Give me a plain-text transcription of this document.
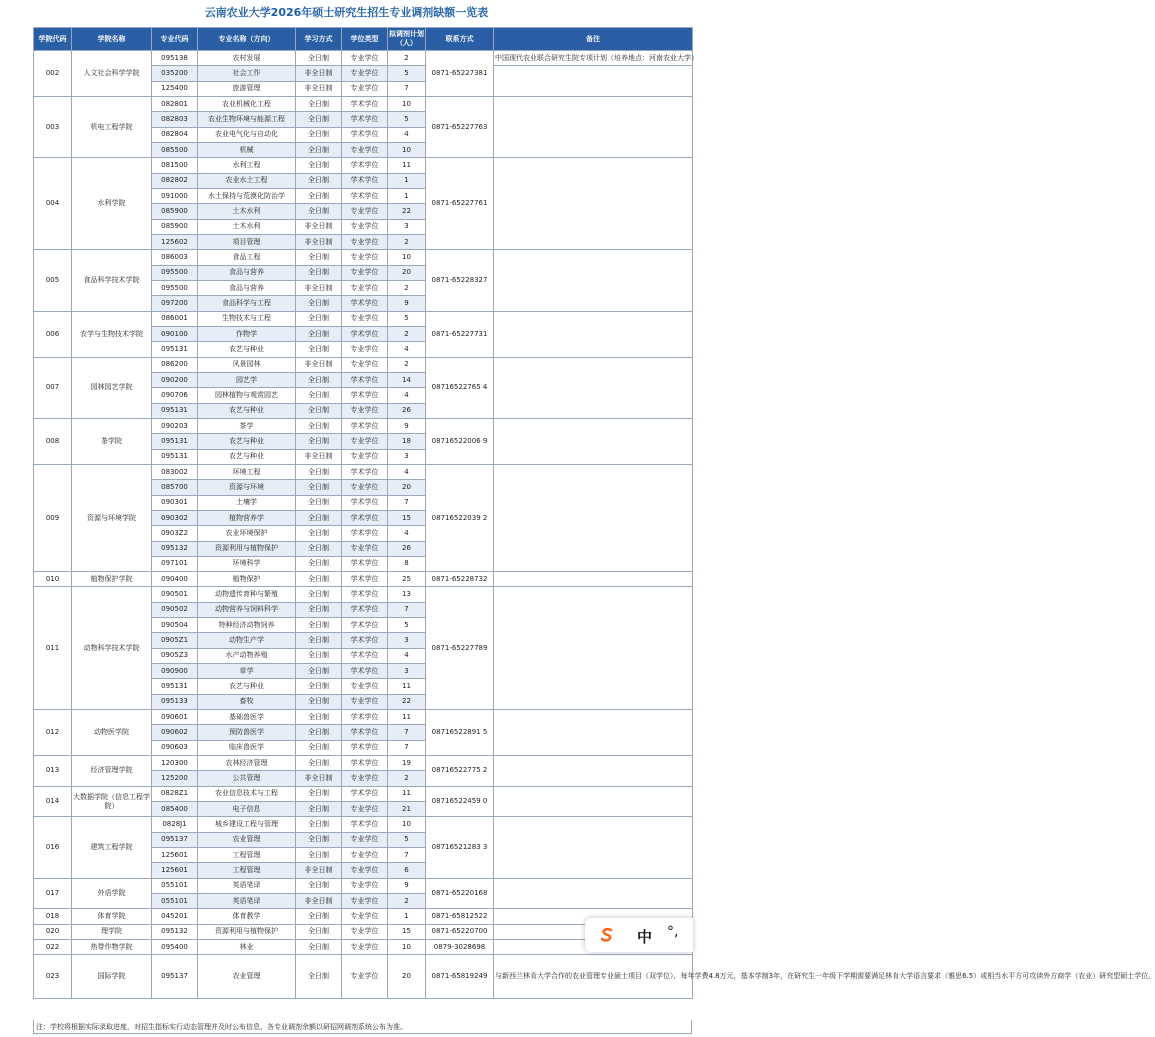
云南农业大学2026年硕士研究生招生专业调剂缺额一览表
学院代码	学院名称	专业代码	专业名称（方向）	学习方式	学位类型	拟调剂计划（人）	联系方式	备注
002	人文社会科学学院	095138	农村发展	全日制	专业学位	2	0871-65227381	中国现代农业联合研究生院专项计划（培养地点：河南农业大学）
		035200	社会工作	非全日制	专业学位	5		
		125400	旅游管理	非全日制	专业学位	7		
003	机电工程学院	082801	农业机械化工程	全日制	学术学位	10	0871-65227763	
		082803	农业生物环境与能源工程	全日制	学术学位	5		
		082804	农业电气化与自动化	全日制	学术学位	4		
		085500	机械	全日制	专业学位	10		
004	水利学院	081500	水利工程	全日制	学术学位	11	0871-65227761	
		082802	农业水土工程	全日制	学术学位	1		
		091000	水土保持与荒漠化防治学	全日制	学术学位	1		
		085900	土木水利	全日制	专业学位	22		
		085900	土木水利	非全日制	专业学位	3		
		125602	项目管理	非全日制	专业学位	2		
005	食品科学技术学院	086003	食品工程	全日制	专业学位	10	0871-65228327	
		095500	食品与营养	全日制	专业学位	20		
		095500	食品与营养	非全日制	专业学位	2		
		097200	食品科学与工程	全日制	学术学位	9		
006	农学与生物技术学院	086001	生物技术与工程	全日制	专业学位	5	0871-65227731	
		090100	作物学	全日制	学术学位	2		
		095131	农艺与种业	全日制	专业学位	4		
007	园林园艺学院	086200	风景园林	非全日制	专业学位	2	08716522765 4	
		090200	园艺学	全日制	学术学位	14		
		090706	园林植物与观赏园艺	全日制	学术学位	4		
		095131	农艺与种业	全日制	专业学位	26		
008	茶学院	090203	茶学	全日制	学术学位	9	08716522006 9	
		095131	农艺与种业	全日制	专业学位	18		
		095131	农艺与种业	非全日制	专业学位	3		
009	资源与环境学院	083002	环境工程	全日制	学术学位	4	08716522039 2	
		085700	资源与环境	全日制	专业学位	20		
		090301	土壤学	全日制	学术学位	7		
		090302	植物营养学	全日制	学术学位	15		
		0903Z2	农业环境保护	全日制	学术学位	4		
		095132	资源利用与植物保护	全日制	专业学位	26		
		097101	环境科学	全日制	学术学位	8		
010	植物保护学院	090400	植物保护	全日制	学术学位	25	0871-65228732	
011	动物科学技术学院	090501	动物遗传育种与繁殖	全日制	学术学位	13	0871-65227789	
		090502	动物营养与饲料科学	全日制	学术学位	7		
		090504	特种经济动物饲养	全日制	学术学位	5		
		0905Z1	动物生产学	全日制	学术学位	3		
		0905Z3	水产动物养殖	全日制	学术学位	4		
		090900	草学	全日制	学术学位	3		
		095131	农艺与种业	全日制	专业学位	11		
		095133	畜牧	全日制	专业学位	22		
012	动物医学院	090601	基础兽医学	全日制	学术学位	11	08716522891 5	
		090602	预防兽医学	全日制	学术学位	7		
		090603	临床兽医学	全日制	学术学位	7		
013	经济管理学院	120300	农林经济管理	全日制	学术学位	19	08716522775 2	
		125200	公共管理	非全日制	专业学位	2		
014	大数据学院（信息工程学院）	0828Z1	农业信息技术与工程	全日制	学术学位	11	08716522459 0	
		085400	电子信息	全日制	专业学位	21		
016	建筑工程学院	0828J1	城乡建设工程与管理	全日制	学术学位	10	08716521283 3	
		095137	农业管理	全日制	专业学位	5		
		125601	工程管理	全日制	专业学位	7		
		125601	工程管理	非全日制	专业学位	6		
017	外语学院	055101	英语笔译	全日制	专业学位	9	0871-65220168	
		055101	英语笔译	非全日制	专业学位	2		
018	体育学院	045201	体育教学	全日制	专业学位	1	0871-65812522	
020	理学院	095132	资源利用与植物保护	全日制	专业学位	15	0871-65220700	
022	热带作物学院	095400	林业	全日制	专业学位	10	0879-3028698	
023	国际学院	095137	农业管理	全日制	专业学位	20	0871-65819249	与新西兰林肯大学合作的农业管理专业硕士项目（双学位），每年学费4.8万元，基本学制3年，在研究生一年级下学期需要满足林肯大学语言要求（雅思6.5）或相当水平方可攻读外方商学（农业）研究型硕士学位。
注：学校将根据实际录取进度，对招生指标实行动态管理并及时公布信息，各专业调剂余额以研招网调剂系统公布为准。
中 °,
